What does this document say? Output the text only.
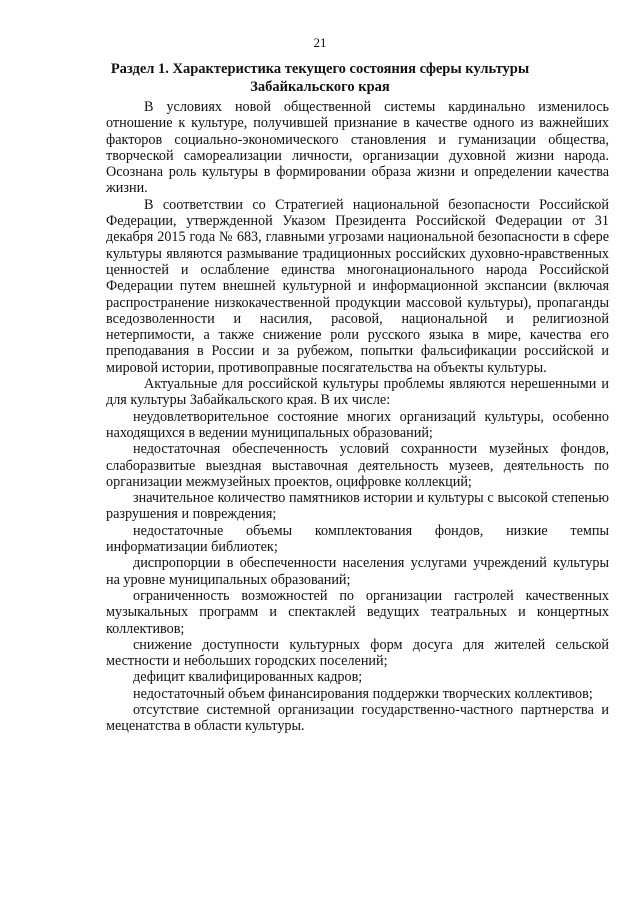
21
Раздел 1. Характеристика текущего состояния сферы культуры Забайкальского края

В условиях новой общественной системы кардинально изменилось отношение к культуре, получившей признание в качестве одного из важнейших факторов социально-экономического становления и гуманизации общества, творческой самореализации личности, организации духовной жизни народа. Осознана роль культуры в формировании образа жизни и определении качества жизни.

В соответствии со Стратегией национальной безопасности Российской Федерации, утвержденной Указом Президента Российской Федерации от 31 декабря 2015 года № 683, главными угрозами национальной безопасности в сфере культуры являются размывание традиционных российских духовно-нравственных ценностей и ослабление единства многонационального народа Российской Федерации путем внешней культурной и информационной экспансии (включая распространение низкокачественной продукции массовой культуры), пропаганды вседозволенности и насилия, расовой, национальной и религиозной нетерпимости, а также снижение роли русского языка в мире, качества его преподавания в России и за рубежом, попытки фальсификации российской и мировой истории, противоправные посягательства на объекты культуры.

Актуальные для российской культуры проблемы являются нерешенными и для культуры Забайкальского края. В их числе:

неудовлетворительное состояние многих организаций культуры, особенно находящихся в ведении муниципальных образований;

недостаточная обеспеченность условий сохранности музейных фондов, слаборазвитые выездная выставочная деятельность музеев, деятельность по организации межмузейных проектов, оцифровке коллекций;

значительное количество памятников истории и культуры с высокой степенью разрушения и повреждения;

недостаточные объемы комплектования фондов, низкие темпы информатизации библиотек;

диспропорции в обеспеченности населения услугами учреждений культуры на уровне муниципальных образований;

ограниченность возможностей по организации гастролей качественных музыкальных программ и спектаклей ведущих театральных и концертных коллективов;

снижение доступности культурных форм досуга для жителей сельской местности и небольших городских поселений;

дефицит квалифицированных кадров;

недостаточный объем финансирования поддержки творческих коллективов;

отсутствие системной организации государственно-частного партнерства и меценатства в области культуры.
